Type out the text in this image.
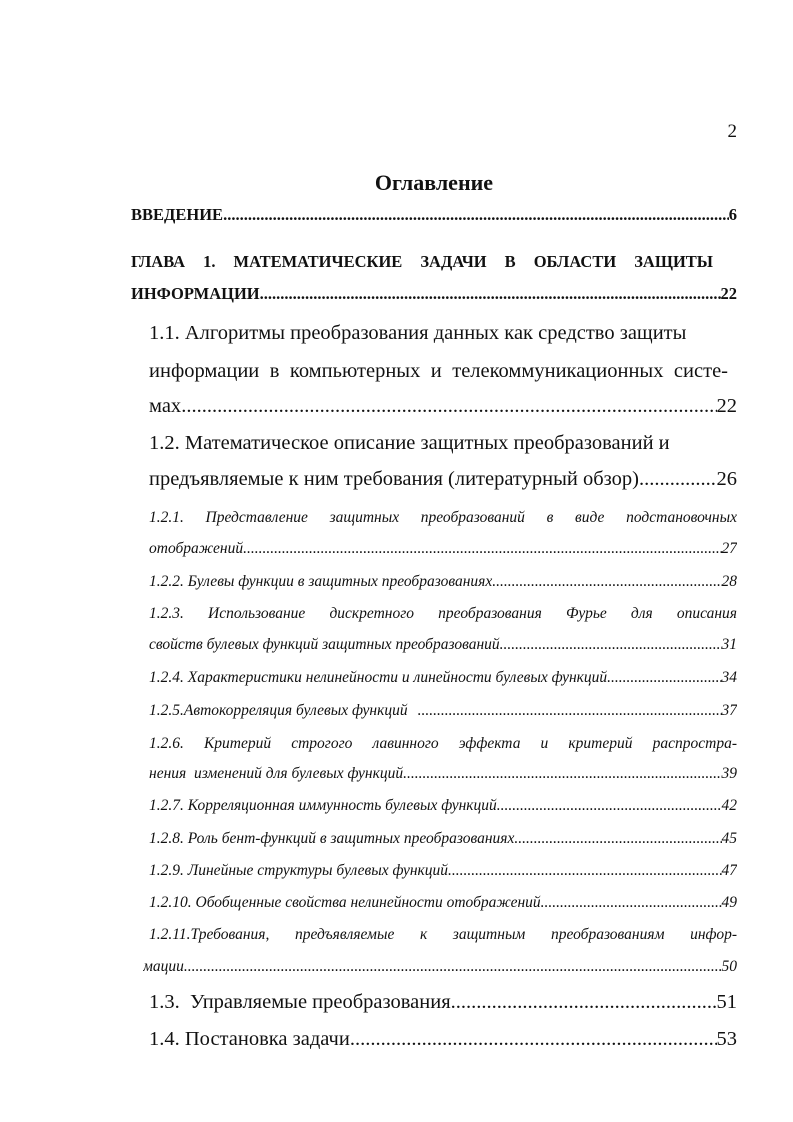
2
Оглавление
ВВЕДЕНИЕ .....	6
ГЛАВА 1. МАТЕМАТИЧЕСКИЕ ЗАДАЧИ В ОБЛАСТИ ЗАЩИТЫ
ИНФОРМАЦИИ .....	22
1.1. Алгоритмы преобразования данных как средство защиты
информации в компьютерных и телекоммуникационных систе-
мах .....	22
1.2. Математическое описание защитных преобразований и
предъявляемые к ним требования (литературный обзор) .....	26
1.2.1. Представление защитных преобразований в виде подстановочных
отображений .....	27
1.2.2. Булевы функции в защитных преобразованиях .....	28
1.2.3. Использование дискретного преобразования Фурье для описания
свойств булевых функций защитных преобразований .....	31
1.2.4. Характеристики нелинейности и линейности булевых функций .....	34
1.2.5.Автокорреляция булевых функций .....	37
1.2.6. Критерий строгого лавинного эффекта и критерий распростра-
нения  изменений для булевых функций .....	39
1.2.7. Корреляционная иммунность булевых функций .....	42
1.2.8. Роль бент-функций в защитных преобразованиях .....	45
1.2.9. Линейные структуры булевых функций .....	47
1.2.10. Обобщенные свойства нелинейности отображений .....	49
1.2.11.Требования, предъявляемые к защитным преобразованиям инфор-
мации .....	50
1.3.  Управляемые преобразования .....	51
1.4. Постановка задачи .....	53
